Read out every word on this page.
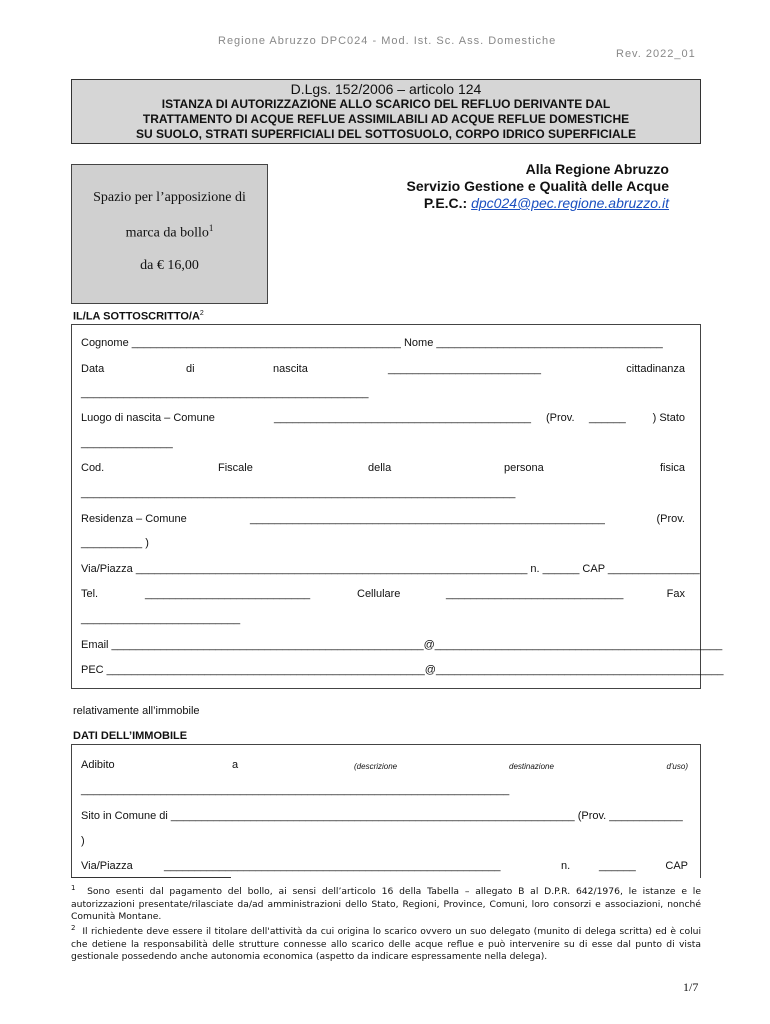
Regione Abruzzo DPC024 - Mod. Ist. Sc. Ass. Domestiche
Rev. 2022_01
D.Lgs. 152/2006 – articolo 124
ISTANZA DI AUTORIZZAZIONE ALLO SCARICO DEL REFLUO DERIVANTE DAL
TRATTAMENTO DI ACQUE REFLUE ASSIMILABILI AD ACQUE REFLUE DOMESTICHE
SU SUOLO, STRATI SUPERFICIALI DEL SOTTOSUOLO, CORPO IDRICO SUPERFICIALE
Spazio per l’apposizione di
marca da bollo$^1$
da € 16,00
Alla Regione Abruzzo
Servizio Gestione e Qualità delle Acque
P.E.C.: dpc024@pec.regione.abruzzo.it
IL/LA SOTTOSCRITTO/$A^2$
Cognome ____________________________________________ Nome _____________________________________
Data	di	nascita	_________________________	cittadinanza
_______________________________________________
Luogo di nascita – Comune	__________________________________________ (Prov. ______ ) Stato
_______________
Cod.	Fiscale	della	persona	fisica
_______________________________________________________________________
Residenza – Comune	__________________________________________________________	(Prov.
__________ )
Via/Piazza ________________________________________________________________ n. ______ CAP _______________
Tel.	___________________________	Cellulare	_____________________________	Fax
__________________________
Email ___________________________________________________@_______________________________________________
PEC ____________________________________________________@_______________________________________________
relativamente all’immobile
DATI DELL’IMMOBILE
Adibito	a	(descrizione	destinazione	d'uso)
______________________________________________________________________
Sito in Comune di __________________________________________________________________ (Prov. ____________
)
Via/Piazza	_______________________________________________________	n.	______	CAP
$^1$ Sono esenti dal pagamento del bollo, ai sensi dell’articolo 16 della Tabella – allegato B al D.P.R. 642/1976, le istanze e le autorizzazioni presentate/rilasciate da/ad amministrazioni dello Stato, Regioni, Province, Comuni, loro consorzi e associazioni, nonché Comunità Montane.
$^2$ Il richiedente deve essere il titolare dell'attività da cui origina lo scarico ovvero un suo delegato (munito di delega scritta) ed è colui che detiene la responsabilità delle strutture connesse allo scarico delle acque reflue e può intervenire su di esse dal punto di vista gestionale possedendo anche autonomia economica (aspetto da indicare espressamente nella delega).
1/7
